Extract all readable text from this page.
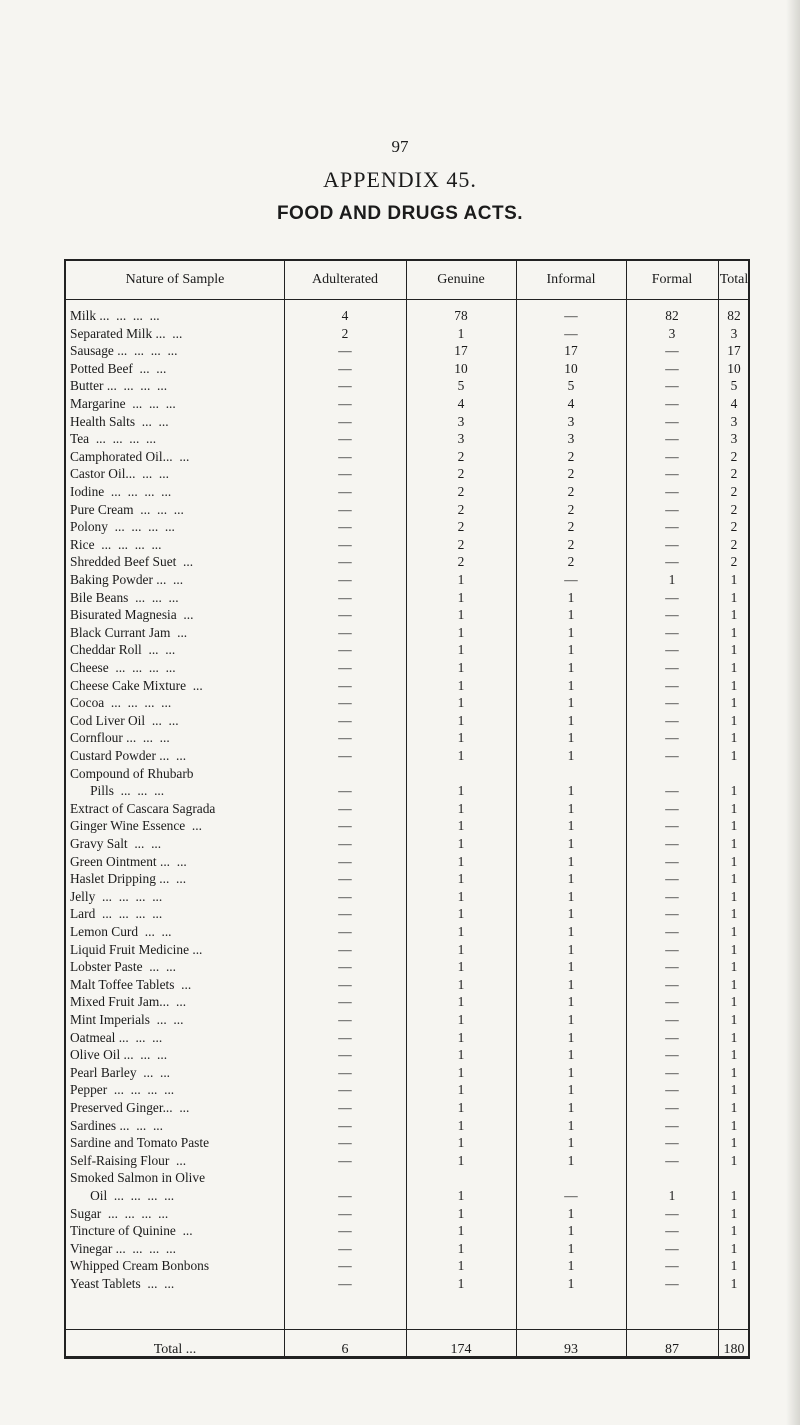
97
APPENDIX 45.
FOOD AND DRUGS ACTS.
Nature of Sample	Adulterated	Genuine	Informal	Formal	Total
Milk ...  ...  ...  ...	4	78	—	82	82
Separated Milk ...  ...	2	1	—	3	3
Sausage ...  ...  ...  ...	—	17	17	—	17
Potted Beef  ...  ...	—	10	10	—	10
Butter ...  ...  ...  ...	—	5	5	—	5
Margarine  ...  ...  ...	—	4	4	—	4
Health Salts  ...  ...	—	3	3	—	3
Tea  ...  ...  ...  ...	—	3	3	—	3
Camphorated Oil...  ...	—	2	2	—	2
Castor Oil...  ...  ...	—	2	2	—	2
Iodine  ...  ...  ...  ...	—	2	2	—	2
Pure Cream  ...  ...  ...	—	2	2	—	2
Polony  ...  ...  ...  ...	—	2	2	—	2
Rice  ...  ...  ...  ...	—	2	2	—	2
Shredded Beef Suet  ...	—	2	2	—	2
Baking Powder ...  ...	—	1	—	1	1
Bile Beans  ...  ...  ...	—	1	1	—	1
Bisurated Magnesia  ...	—	1	1	—	1
Black Currant Jam  ...	—	1	1	—	1
Cheddar Roll  ...  ...	—	1	1	—	1
Cheese  ...  ...  ...  ...	—	1	1	—	1
Cheese Cake Mixture  ...	—	1	1	—	1
Cocoa  ...  ...  ...  ...	—	1	1	—	1
Cod Liver Oil  ...  ...	—	1	1	—	1
Cornflour ...  ...  ...	—	1	1	—	1
Custard Powder ...  ...	—	1	1	—	1
Compound of Rhubarb
Pills  ...  ...  ...	—	1	1	—	1
Extract of Cascara Sagrada	—	1	1	—	1
Ginger Wine Essence  ...	—	1	1	—	1
Gravy Salt  ...  ...	—	1	1	—	1
Green Ointment ...  ...	—	1	1	—	1
Haslet Dripping ...  ...	—	1	1	—	1
Jelly  ...  ...  ...  ...	—	1	1	—	1
Lard  ...  ...  ...  ...	—	1	1	—	1
Lemon Curd  ...  ...	—	1	1	—	1
Liquid Fruit Medicine ...	—	1	1	—	1
Lobster Paste  ...  ...	—	1	1	—	1
Malt Toffee Tablets  ...	—	1	1	—	1
Mixed Fruit Jam...  ...	—	1	1	—	1
Mint Imperials  ...  ...	—	1	1	—	1
Oatmeal ...  ...  ...	—	1	1	—	1
Olive Oil ...  ...  ...	—	1	1	—	1
Pearl Barley  ...  ...	—	1	1	—	1
Pepper  ...  ...  ...  ...	—	1	1	—	1
Preserved Ginger...  ...	—	1	1	—	1
Sardines ...  ...  ...	—	1	1	—	1
Sardine and Tomato Paste	—	1	1	—	1
Self-Raising Flour  ...	—	1	1	—	1
Smoked Salmon in Olive
Oil  ...  ...  ...  ...	—	1	—	1	1
Sugar  ...  ...  ...  ...	—	1	1	—	1
Tincture of Quinine  ...	—	1	1	—	1
Vinegar ...  ...  ...  ...	—	1	1	—	1
Whipped Cream Bonbons	—	1	1	—	1
Yeast Tablets  ...  ...	—	1	1	—	1
Total ...	6	174	93	87	180
